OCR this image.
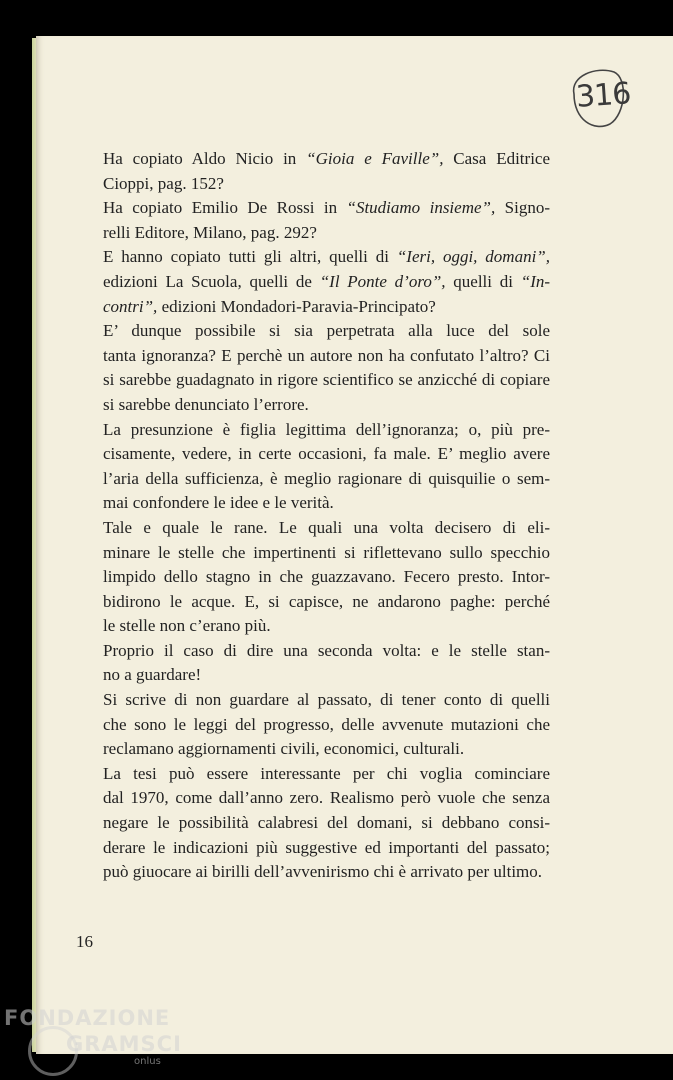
316

Ha copiato Aldo Nicio in “Gioia e Faville”, Casa Editrice
Cioppi, pag. 152?

Ha copiato Emilio De Rossi in “Studiamo insieme”, Signo-
relli Editore, Milano, pag. 292?

E hanno copiato tutti gli altri, quelli di “Ieri, oggi, domani”,
edizioni La Scuola, quelli de “Il Ponte d’oro”, quelli di “In-
contri”, edizioni Mondadori-Paravia-Principato?

E’ dunque possibile si sia perpetrata alla luce del sole
tanta ignoranza? E perchè un autore non ha confutato l’altro? Ci
si sarebbe guadagnato in rigore scientifico se anzicché di copiare
si sarebbe denunciato l’errore.

La presunzione è figlia legittima dell’ignoranza; o, più pre-
cisamente, vedere, in certe occasioni, fa male. E’ meglio avere
l’aria della sufficienza, è meglio ragionare di quisquilie o sem-
mai confondere le idee e le verità.

Tale e quale le rane. Le quali una volta decisero di eli-
minare le stelle che impertinenti si riflettevano sullo specchio
limpido dello stagno in che guazzavano. Fecero presto. Intor-
bidirono le acque. E, si capisce, ne andarono paghe: perché
le stelle non c’erano più.

Proprio il caso di dire una seconda volta: e le stelle stan-
no a guardare!

Si scrive di non guardare al passato, di tener conto di quelli
che sono le leggi del progresso, delle avvenute mutazioni che
reclamano aggiornamenti civili, economici, culturali.

La tesi può essere interessante per chi voglia cominciare
dal 1970, come dall’anno zero. Realismo però vuole che senza
negare le possibilità calabresi del domani, si debbano consi-
derare le indicazioni più suggestive ed importanti del passato;
può giuocare ai birilli dell’avvenirismo chi è arrivato per ultimo.

16
FONDAZIONE
GRAMSCI
onlus
